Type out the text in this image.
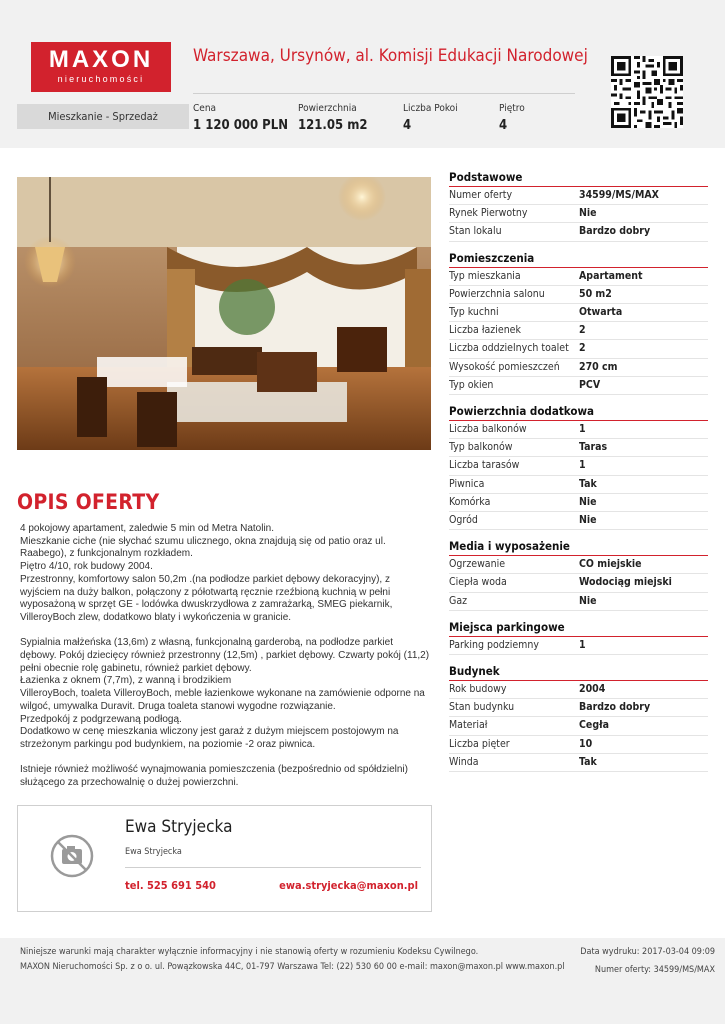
MAXON
nieruchomości
Mieszkanie - Sprzedaż
Warszawa, Ursynów, al. Komisji Edukacji Narodowej
Cena
1 120 000 PLN
Powierzchnia
121.05 m2
Liczba Pokoi
4
Piętro
4
OPIS OFERTY

4 pokojowy apartament, zaledwie 5 min od Metra Natolin.

Mieszkanie ciche (nie słychać szumu ulicznego, okna znajdują się od patio oraz ul. Raabego), z funkcjonalnym rozkładem.

Piętro 4/10, rok budowy 2004.

Przestronny, komfortowy salon 50,2m .(na podłodze parkiet dębowy dekoracyjny), z wyjściem na duży balkon, połączony z półotwartą ręcznie rzeźbioną kuchnią w pełni wyposażoną w sprzęt GE - lodówka dwuskrzydłowa z zamrażarką, SMEG piekarnik, VilleroyBoch zlew, dodatkowo blaty i wykończenia w granicie.

Sypialnia małżeńska (13,6m) z własną, funkcjonalną garderobą, na podłodze parkiet dębowy. Pokój dziecięcy również przestronny (12,5m) , parkiet dębowy. Czwarty pokój (11,2) pełni obecnie rolę gabinetu, również parkiet dębowy.

Łazienka z oknem (7,7m), z wanną i brodzikiem

VilleroyBoch, toaleta VilleroyBoch, meble łazienkowe wykonane na zamówienie odporne na wilgoć, umywalka Duravit. Druga toaleta stanowi wygodne rozwiązanie.

Przedpokój z podgrzewaną podłogą.

Dodatkowo w cenę mieszkania wliczony jest garaż z dużym miejscem postojowym na strzeżonym parkingu pod budynkiem, na poziomie -2 oraz piwnica.

Istnieje również możliwość wynajmowania pomieszczenia (bezpośrednio od spółdzielni) służącego za przechowalnię o dużej powierzchni.

Ewa Stryjecka
Ewa Stryjecka
tel. 525 691 540	ewa.stryjecka@maxon.pl
Podstawowe
Numer oferty	34599/MS/MAX
Rynek Pierwotny	Nie
Stan lokalu	Bardzo dobry
Pomieszczenia
Typ mieszkania	Apartament
Powierzchnia salonu	50 m2
Typ kuchni	Otwarta
Liczba łazienek	2
Liczba oddzielnych toalet 2
Wysokość pomieszczeń	270 cm
Typ okien	PCV
Powierzchnia dodatkowa
Liczba balkonów	1
Typ balkonów	Taras
Liczba tarasów	1
Piwnica	Tak
Komórka	Nie
Ogród	Nie
Media i wyposażenie
Ogrzewanie	CO miejskie
Ciepła woda	Wodociąg miejski
Gaz	Nie
Miejsca parkingowe
Parking podziemny	1
Budynek
Rok budowy	2004
Stan budynku	Bardzo dobry
Materiał	Cegła
Liczba pięter	10
Winda	Tak
Niniejsze warunki mają charakter wyłącznie informacyjny i nie stanowią oferty w rozumieniu Kodeksu Cywilnego.
MAXON Nieruchomości Sp. z o o. ul. Powązkowska 44C, 01-797 Warszawa Tel: (22) 530 60 00 e-mail: maxon@maxon.pl www.maxon.pl
Data wydruku: 2017-03-04 09:09
Numer oferty: 34599/MS/MAX
